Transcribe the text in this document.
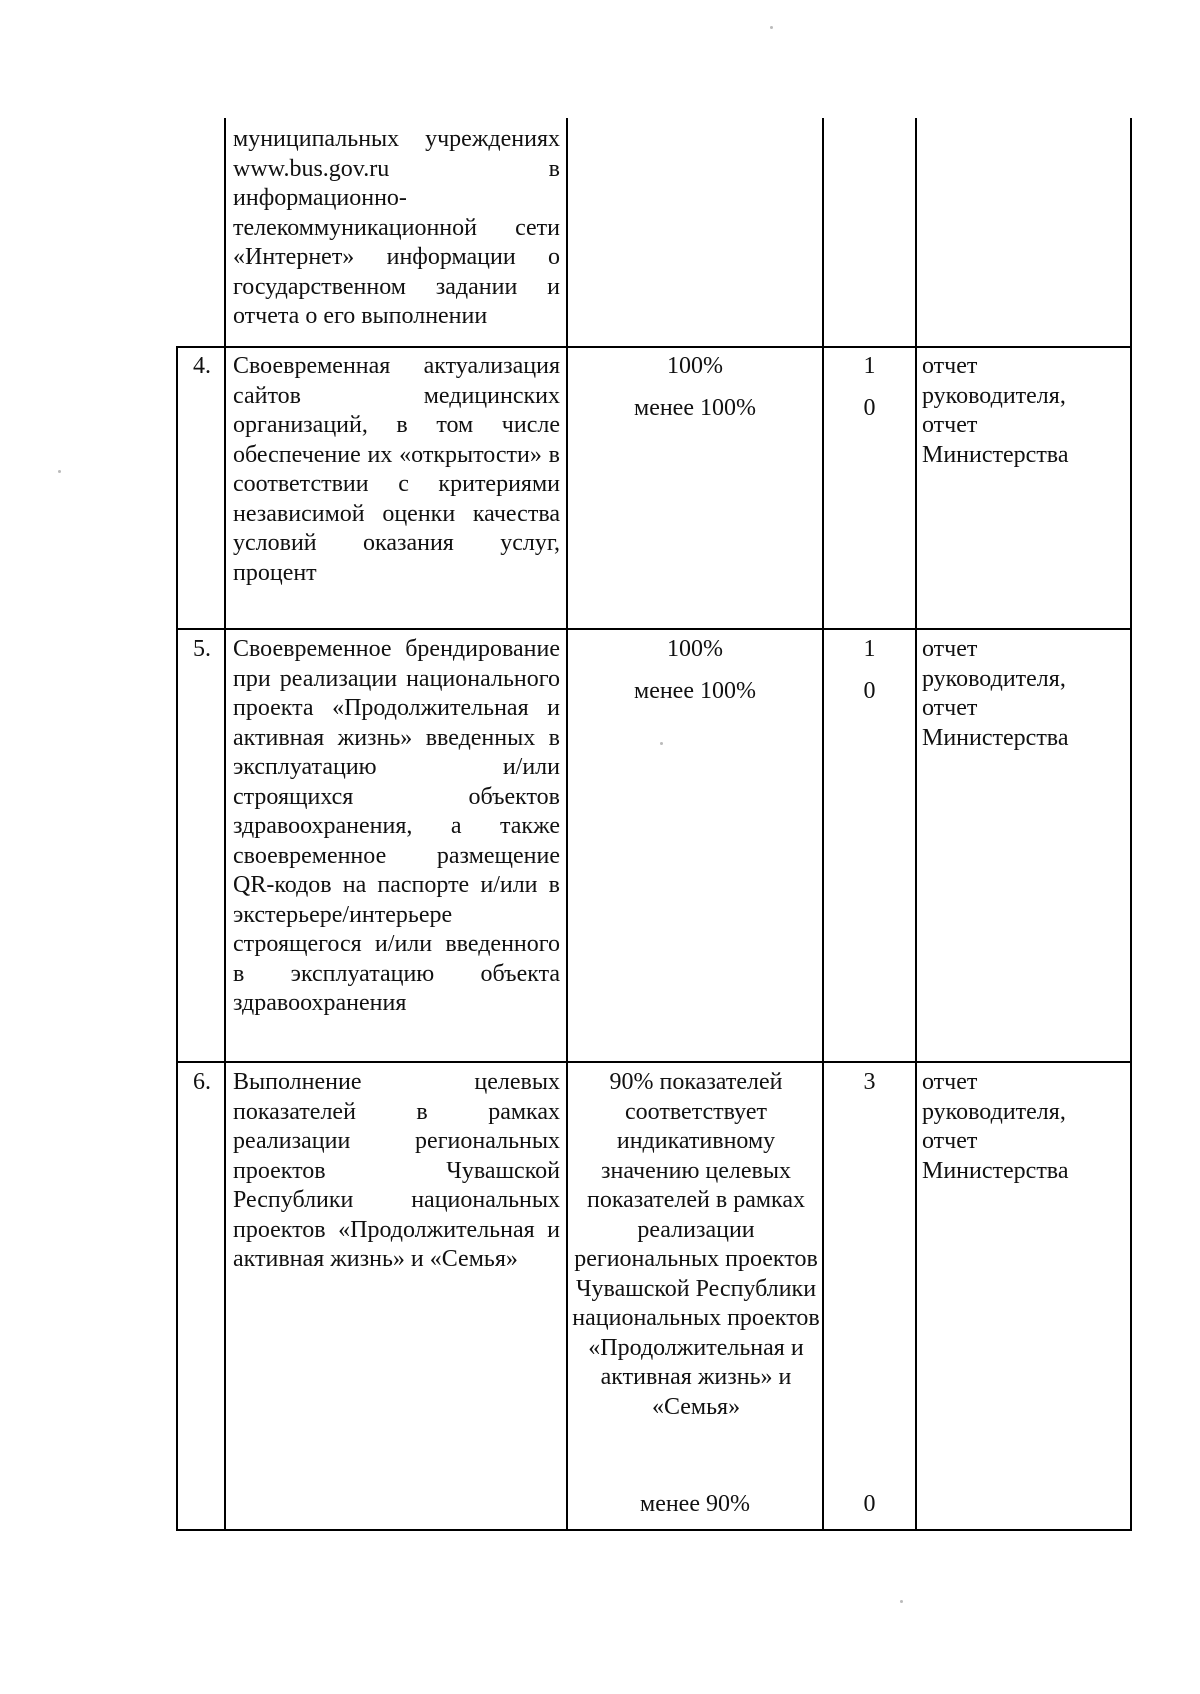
муниципальных учреждениях www.bus.gov.ru в информационно-телекоммуникационной сети «Интернет» информации о государственном задании и отчета о его выполнении
4. Своевременная актуализация сайтов медицинских организаций, в том числе обеспечение их «открытости» в соответствии с критериями независимой оценки качества условий оказания услуг, процент
100%
менее 100%
1
0
отчет руководителя, отчет Министерства
5. Своевременное брендирование при реализации национального проекта «Продолжительная и активная жизнь» введенных в эксплуатацию и/или строящихся объектов здравоохранения, а также своевременное размещение QR-кодов на паспорте и/или в экстерьере/интерьере строящегося и/или введенного в эксплуатацию объекта здравоохранения
100%
менее 100%
1
0
отчет руководителя, отчет Министерства
6. Выполнение целевых показателей в рамках реализации региональных проектов Чувашской Республики национальных проектов «Продолжительная и активная жизнь» и «Семья»
90% показателей соответствует индикативному значению целевых показателей в рамках реализации региональных проектов Чувашской Республики национальных проектов «Продолжительная и активная жизнь» и «Семья»
менее 90%
3
0
отчет руководителя, отчет Министерства
